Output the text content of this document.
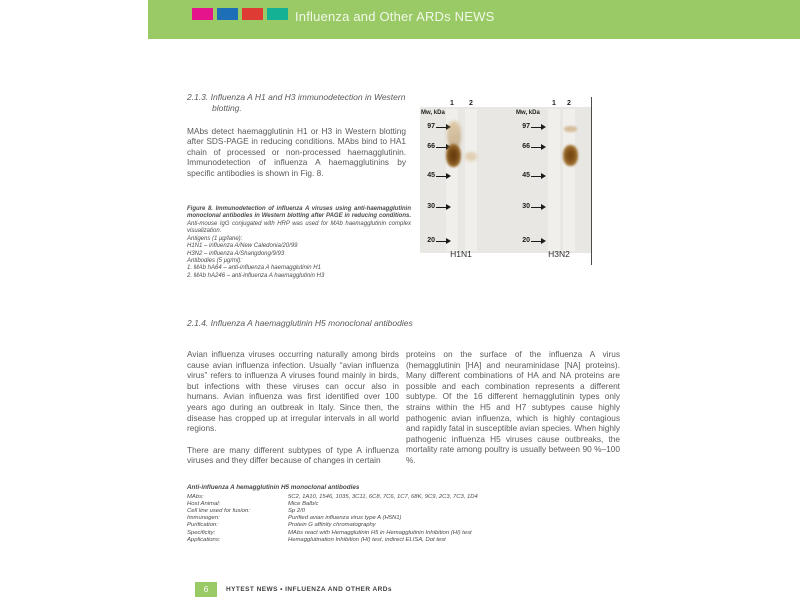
Influenza and Other ARDs NEWS
2.1.3. Influenza A H1 and H3 immunodetection in Western blotting.
MAbs detect haemagglutinin H1 or H3 in Western blotting after SDS-PAGE in reducing conditions. MAbs bind to HA1 chain of processed or non-processed haemagglutinin. Immunodetection of influenza A haemagglutinins by specific antibodies is shown in Fig. 8.
Figure 8. Immunodetection of influenza A viruses using anti-haemagglutinin monoclonal antibodies in Western blotting after PAGE in reducing conditions. Anti-mouse IgG conjugated with HRP was used for MAb haemagglutinin complex visualization.
Antigens (1 μg/lane):
H1N1 – influenza A/New Caledonia/20/99
H3N2 – influenza A/Shangdong/9/93
Antibodies (5 μg/ml):
1. MAb hA64 – anti-influenza A haemagglutinin H1
2. MAb hA246 – anti-influenza A haemagglutinin H3
1 2	1 2
Mw, kDa	Mw, kDa
97
66
45
30
20
97
66
45
30
20
H1N1	H3N2
2.1.4. Influenza A haemagglutinin H5 monoclonal antibodies
Avian influenza viruses occurring naturally among birds cause avian influenza infection. Usually “avian influenza virus” refers to influenza A viruses found mainly in birds, but infections with these viruses can occur also in humans. Avian influenza was first identified over 100 years ago during an outbreak in Italy. Since then, the disease has cropped up at irregular intervals in all world regions.
There are many different subtypes of type A influenza viruses and they differ because of changes in certain
proteins on the surface of the influenza A virus (hemagglutinin [HA] and neuraminidase [NA] proteins). Many different combinations of HA and NA proteins are possible and each combination represents a different subtype. Of the 16 different hemagglutinin types only strains within the H5 and H7 subtypes cause highly pathogenic avian influenza, which is highly contagious and rapidly fatal in susceptible avian species. When highly pathogenic influenza H5 viruses cause outbreaks, the mortality rate among poultry is usually between 90 %–100 %.
Anti-influenza A hemagglutinin H5 monoclonal antibodies
MAbs:	5C2, 1A10, 1546, 1035, 3C11, 6C8, 7C6, 1C7, 68K, 9C9, 2C3, 7C3, 1D4
Host Animal:	Mice Balb/c
Cell line used for fusion:	Sp 2/0
Immunogen:	Purified avian influenza virus type A (H5N1)
Purification:	Protein G affinity chromatography
Specificity:	MAbs react with Hemagglutinin H5 in Hemagglutinin Inhibition (HI) test
Applications:	Hemagglutination Inhibition (HI) test, indirect ELISA, Dot test
6	HYTEST NEWS • INFLUENZA AND OTHER ARDs
